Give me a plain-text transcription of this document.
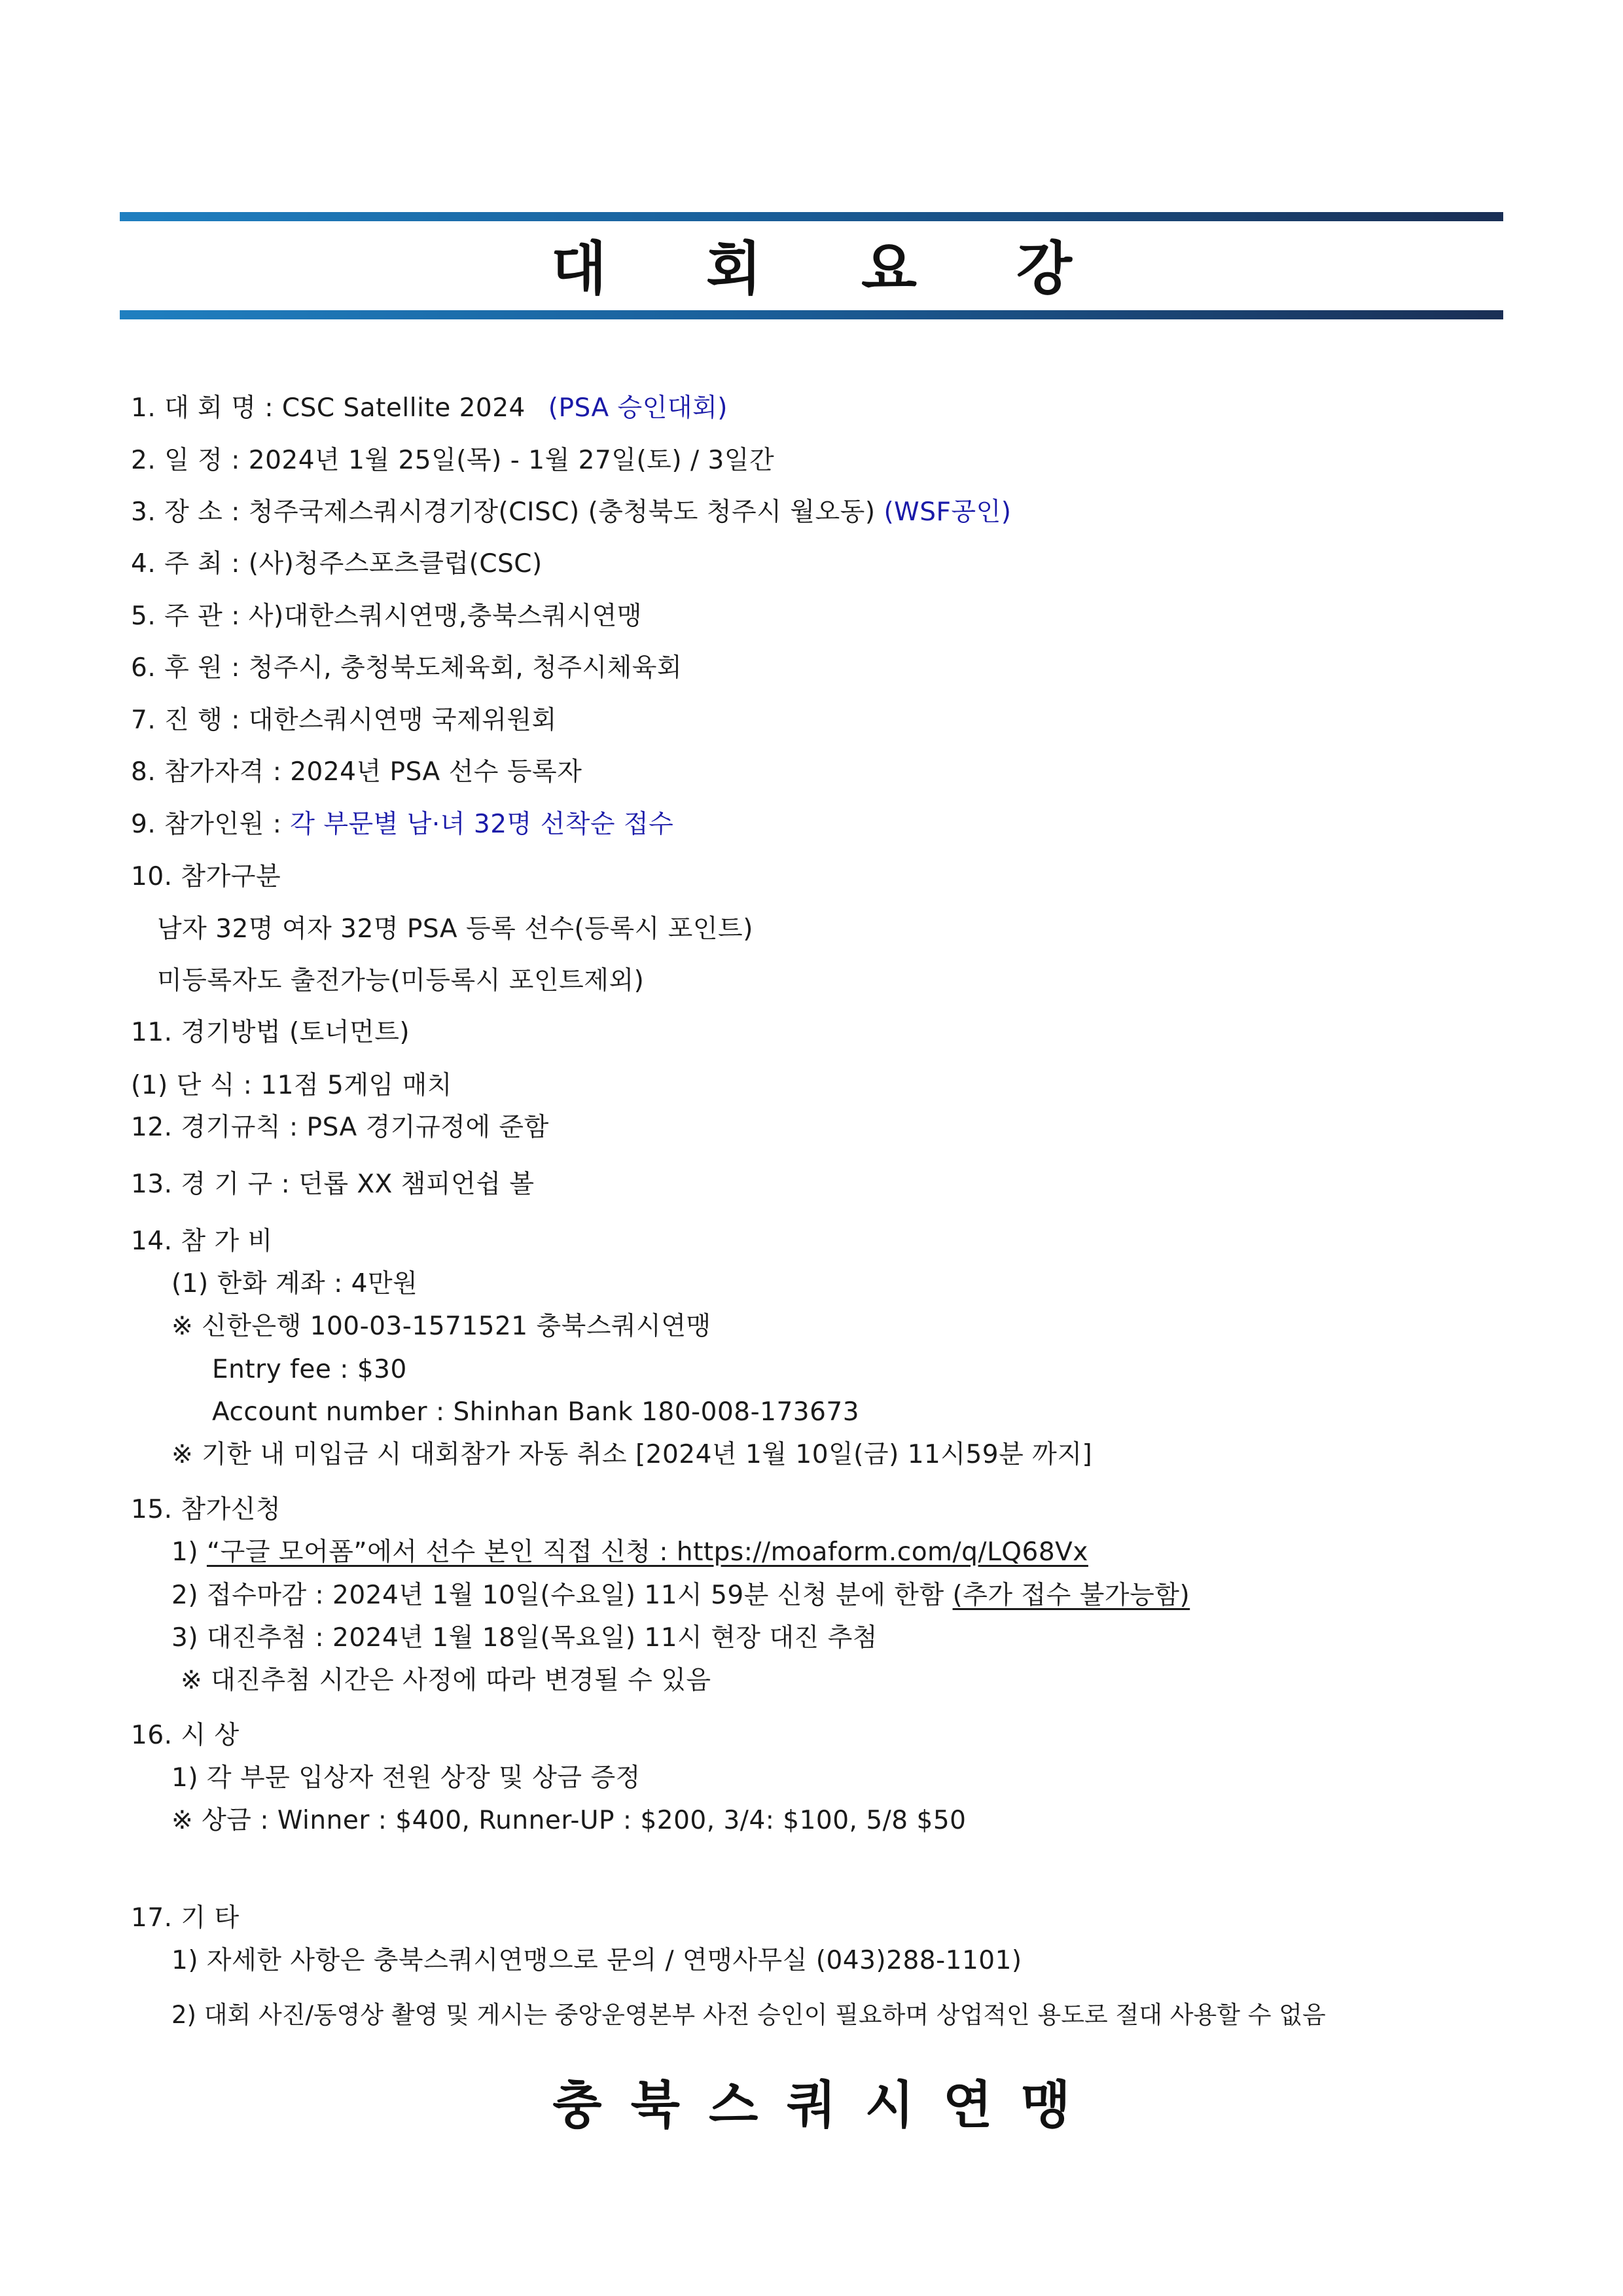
대 회 요 강
1. 대 회 명 : CSC Satellite 2024 (PSA 승인대회)
2. 일 정 : 2024년 1월 25일(목) - 1월 27일(토) / 3일간
3. 장 소 : 청주국제스쿼시경기장(CISC) (충청북도 청주시 월오동) (WSF공인)
4. 주 최 : (사)청주스포츠클럽(CSC)
5. 주 관 : 사)대한스쿼시연맹,충북스쿼시연맹
6. 후 원 : 청주시, 충청북도체육회, 청주시체육회
7. 진 행 : 대한스쿼시연맹 국제위원회
8. 참가자격 : 2024년 PSA 선수 등록자
9. 참가인원 : 각 부문별 남·녀 32명 선착순 접수
10. 참가구분
남자 32명 여자 32명 PSA 등록 선수(등록시 포인트)
미등록자도 출전가능(미등록시 포인트제외)
11. 경기방법 (토너먼트)
(1) 단 식 : 11점 5게임 매치
12. 경기규칙 : PSA 경기규정에 준함
13. 경 기 구 : 던롭 XX 챔피언쉽 볼
14. 참 가 비
(1) 한화 계좌 : 4만원
※ 신한은행 100-03-1571521 충북스쿼시연맹
Entry fee : $30
Account number : Shinhan Bank 180-008-173673
※ 기한 내 미입금 시 대회참가 자동 취소 [2024년 1월 10일(금) 11시59분 까지]
15. 참가신청
1) “구글 모어폼”에서 선수 본인 직접 신청 : https://moaform.com/q/LQ68Vx
2) 접수마감 : 2024년 1월 10일(수요일) 11시 59분 신청 분에 한함 (추가 접수 불가능함)
3) 대진추첨 : 2024년 1월 18일(목요일) 11시 현장 대진 추첨
※ 대진추첨 시간은 사정에 따라 변경될 수 있음
16. 시 상
1) 각 부문 입상자 전원 상장 및 상금 증정
※ 상금 : Winner : $400, Runner-UP : $200, 3/4: $100, 5/8 $50
17. 기 타
1) 자세한 사항은 충북스쿼시연맹으로 문의 / 연맹사무실 (043)288-1101)
2) 대회 사진/동영상 촬영 및 게시는 중앙운영본부 사전 승인이 필요하며 상업적인 용도로 절대 사용할 수 없음
충 북 스 쿼 시 연 맹
